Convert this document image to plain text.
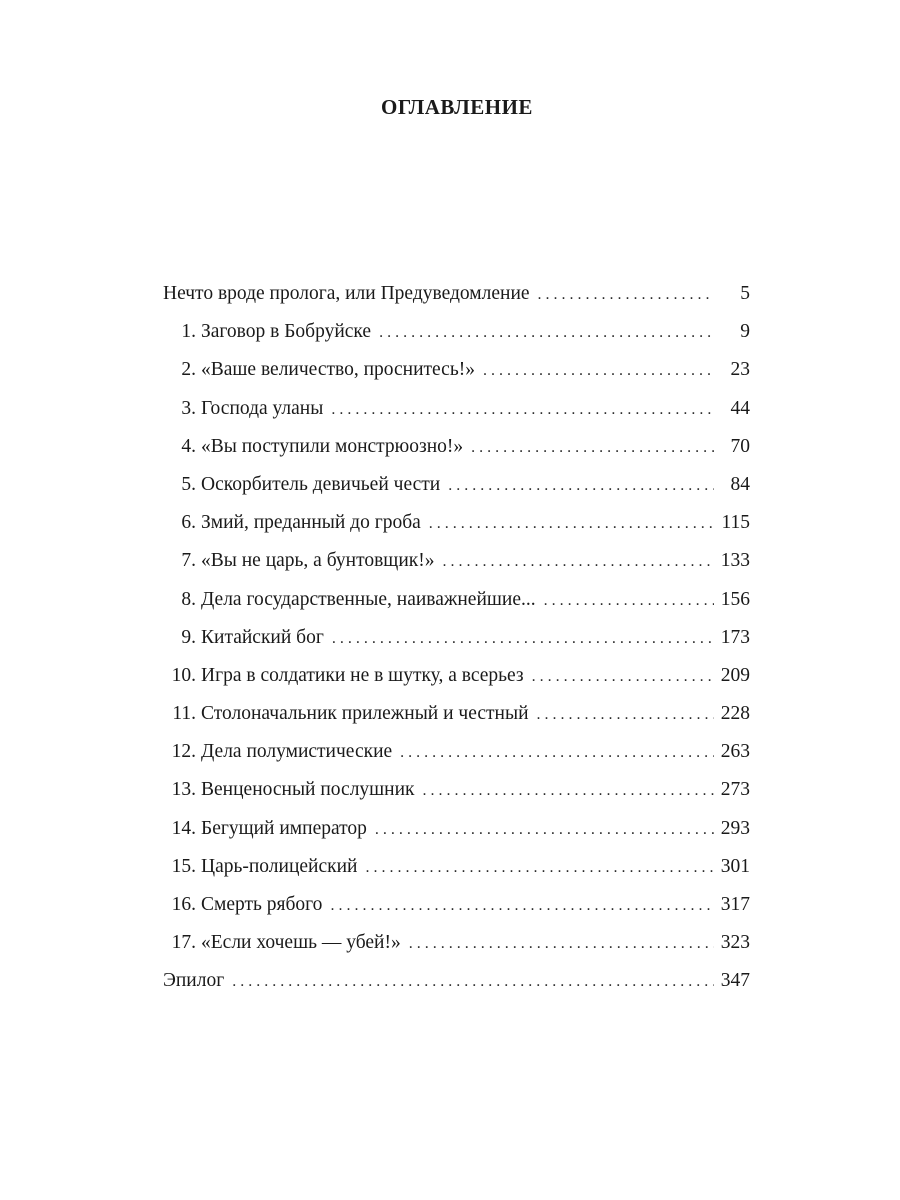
ОГЛАВЛЕНИЕ
Нечто вроде пролога, или Предуведомление . . .	5
1. Заговор в Бобруйске . . .	9
2. «Ваше величество, проснитесь!» . . .	23
3. Господа уланы . . .	44
4. «Вы поступили монстрюозно!» . . .	70
5. Оскорбитель девичьей чести . . .	84
6. Змий, преданный до гроба . . .	115
7. «Вы не царь, а бунтовщик!» . . .	133
8. Дела государственные, наиважнейшие... . . .	156
9. Китайский бог . . .	173
10. Игра в солдатики не в шутку, а всерьез . . .	209
11. Столоначальник прилежный и честный . . .	228
12. Дела полумистические . . .	263
13. Венценосный послушник . . .	273
14. Бегущий император . . .	293
15. Царь-полицейский . . .	301
16. Смерть рябого . . .	317
17. «Если хочешь — убей!» . . .	323
Эпилог . . .	347
